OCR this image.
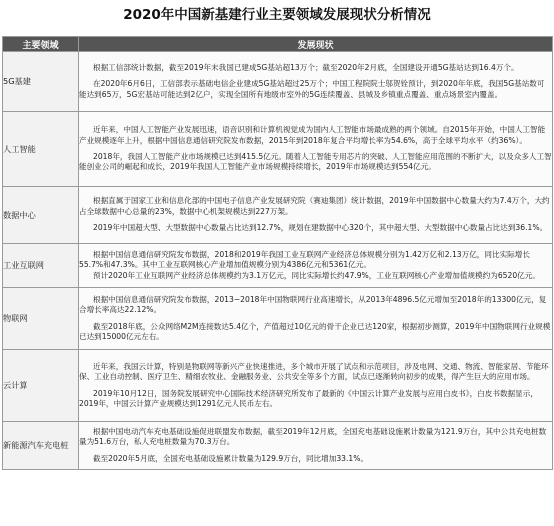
2020年中国新基建行业主要领域发展现状分析情况
主要领域	发展现状
5G基建	根据工信部统计数据，截至2019年末我国已建成5G基站超13万个；截至2020年2月底，全国建设开通5G基站达到16.4万个。
在2020年6月6日，工信部表示基础电信企业建成5G基站超过25万个；中国工程院院士邬贺铨预计，到2020年年底，我国5G基站数可能达到65万，5G宏基站可能达到2亿户，实现全国所有地级市室外的5G连续覆盖、县城及乡镇重点覆盖、重点场景室内覆盖。

人工智能	近年来，中国人工智能产业发展迅速，语音识别和计算机视觉成为国内人工智能市场最成熟的两个领域。自2015年开始，中国人工智能产业规模逐年上升，根据中国信息通信研究院发布数据，2015年到2018年复合平均增长率为54.6%，高于全球平均水平（约36%）。
2018年，我国人工智能产业市场规模已达到415.5亿元。随着人工智能专用芯片的突破、人工智能应用范围的不断扩大，以及众多人工智能创业公司的崛起和成长，2019年我国人工智能产业市场规模持续增长，2019年市场规模达到554亿元。

数据中心	根据直属于国家工业和信息化部的中国电子信息产业发展研究院（赛迪集团）统计数据，2019年中国数据中心数量大约为7.4万个，大约占全球数据中心总量的23%，数据中心机架规模达到227万架。
2019年中国超大型、大型数据中心数量占比达到12.7%，规划在建数据中心320个，其中超大型、大型数据中心数量占比达到36.1%。

工业互联网	根据中国信息通信研究院发布数据，2018和2019年我国工业互联网产业经济总体规模分别为1.42万亿和2.13万亿，同比实际增长55.7%和47.3%。其中工业互联网核心产业增加值规模分别为4386亿元和5361亿元。
预计2020年工业互联网产业经济总体规模约为3.1万亿元，同比实际增长约47.9%，工业互联网核心产业增加值规模约为6520亿元。

物联网	根据中国信息通信研究院发布数据，2013−2018年中国物联网行业高速增长，从2013年4896.5亿元增加至2018年的13300亿元，复合增长率高达22.12%。
截至2018年底，公众网络M2M连接数达5.4亿个，产值超过10亿元的骨干企业已达120家，根据初步测算，2019年中国物联网行业规模已达到15000亿元左右。

云计算	近年来，我国云计算，特别是物联网等新兴产业快速推进，多个城市开展了试点和示范项目，涉及电网、交通、物流、智能家居、节能环保、工业自动控制、医疗卫生、精细农牧业、金融服务业、公共安全等多个方面，试点已逐渐转向初步的成果，得产生巨大的应用市场。
2019年10月12日，国务院发展研究中心国际技术经济研究所发布了最新的《中国云计算产业发展与应用白皮书》，白皮书数据显示，2019年，中国云计算产业规模达到1291亿元人民币左右。

新能源汽车充电桩	根据中国电动汽车充电基础设施促进联盟发布数据，截至2019年12月底，全国充电基础设施累计数量为121.9万台，其中公共充电桩数量为51.6万台，私人充电桩数量为70.3万台。
截至2020年5月底，全国充电基础设施累计数量为129.9万台，同比增加33.1%。
